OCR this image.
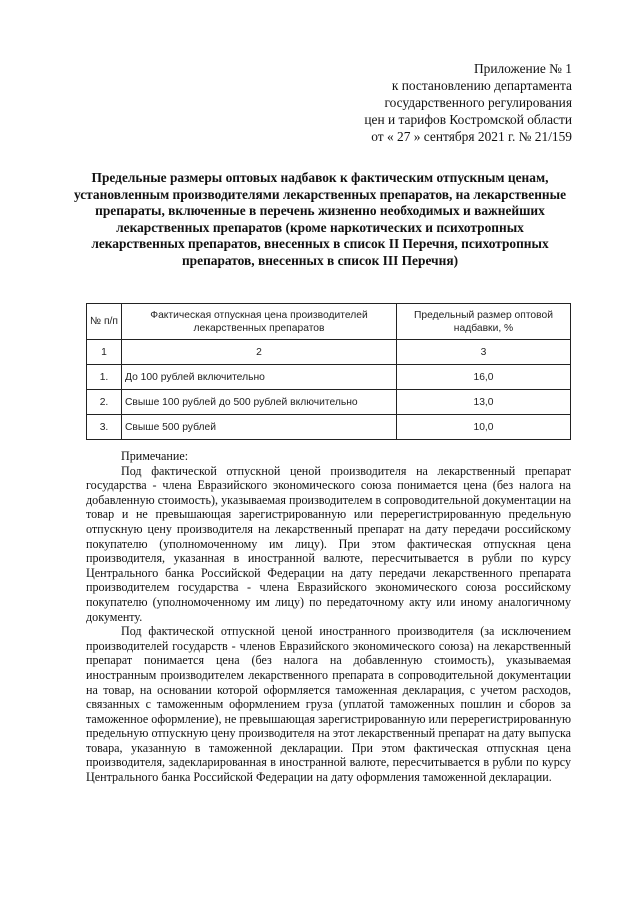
Приложение № 1
к постановлению департамента
государственного регулирования
цен и тарифов Костромской области
от « 27 » сентября 2021 г. № 21/159
Предельные размеры оптовых надбавок к фактическим отпускным ценам, установленным производителями лекарственных препаратов, на лекарственные препараты, включенные в перечень жизненно необходимых и важнейших лекарственных препаратов (кроме наркотических и психотропных лекарственных препаратов, внесенных в список II Перечня, психотропных препаратов, внесенных в список III Перечня)
№ п/п	Фактическая отпускная цена производителей лекарственных препаратов	Предельный размер оптовой надбавки, %
1	2	3
1.	До 100 рублей включительно	16,0
2.	Свыше 100 рублей до 500 рублей включительно	13,0
3.	Свыше 500 рублей	10,0

Примечание:

Под фактической отпускной ценой производителя на лекарственный препарат государства - члена Евразийского экономического союза понимается цена (без налога на добавленную стоимость), указываемая производителем в сопроводительной документации на товар и не превышающая зарегистрированную или перерегистрированную предельную отпускную цену производителя на лекарственный препарат на дату передачи российскому покупателю (уполномоченному им лицу). При этом фактическая отпускная цена производителя, указанная в иностранной валюте, пересчитывается в рубли по курсу Центрального банка Российской Федерации на дату передачи лекарственного препарата производителем государства - члена Евразийского экономического союза российскому покупателю (уполномоченному им лицу) по передаточному акту или иному аналогичному документу.

Под фактической отпускной ценой иностранного производителя (за исключением производителей государств - членов Евразийского экономического союза) на лекарственный препарат понимается цена (без налога на добавленную стоимость), указываемая иностранным производителем лекарственного препарата в сопроводительной документации на товар, на основании которой оформляется таможенная декларация, с учетом расходов, связанных с таможенным оформлением груза (уплатой таможенных пошлин и сборов за таможенное оформление), не превышающая зарегистрированную или перерегистрированную предельную отпускную цену производителя на этот лекарственный препарат на дату выпуска товара, указанную в таможенной декларации. При этом фактическая отпускная цена производителя, задекларированная в иностранной валюте, пересчитывается в рубли по курсу Центрального банка Российской Федерации на дату оформления таможенной декларации.
